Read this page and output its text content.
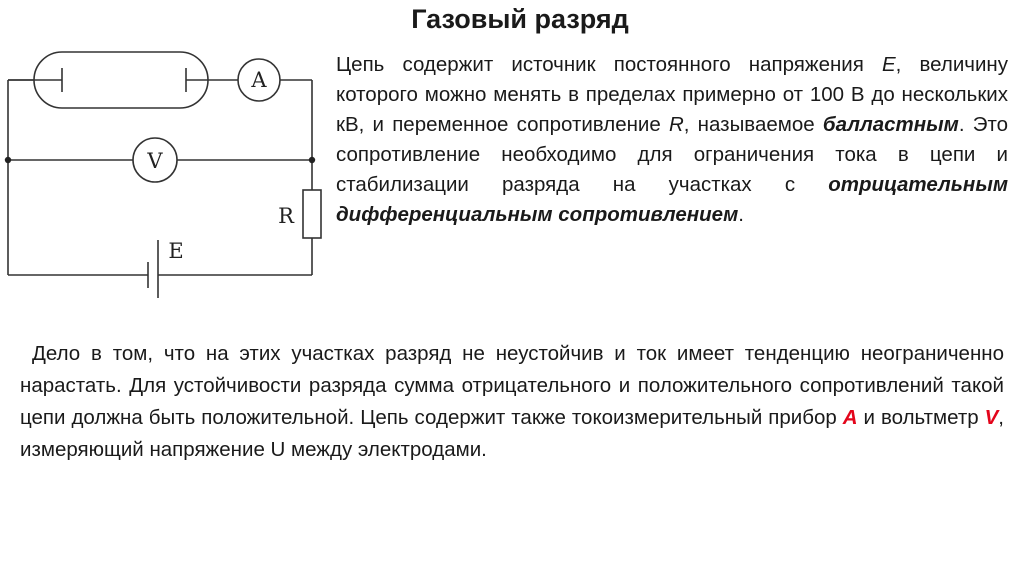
Газовый разряд
A
V
R
E
Цепь содержит источник постоянного напряжения E, величину которого можно менять в пределах примерно от 100 В до нескольких кВ, и переменное сопротивление R, называемое балластным. Это сопротивление необходимо для ограничения тока в цепи и стабилизации разряда на участках с отрицательным дифференциальным сопротивлением.
Дело в том, что на этих участках разряд не неустойчив и ток имеет тенденцию неограниченно нарастать. Для устойчивости разряда сумма отрицательного и положительного сопротивлений такой цепи должна быть положительной. Цепь содержит также токоизмерительный прибор A и вольтметр V, измеряющий напряжение U между электродами.
